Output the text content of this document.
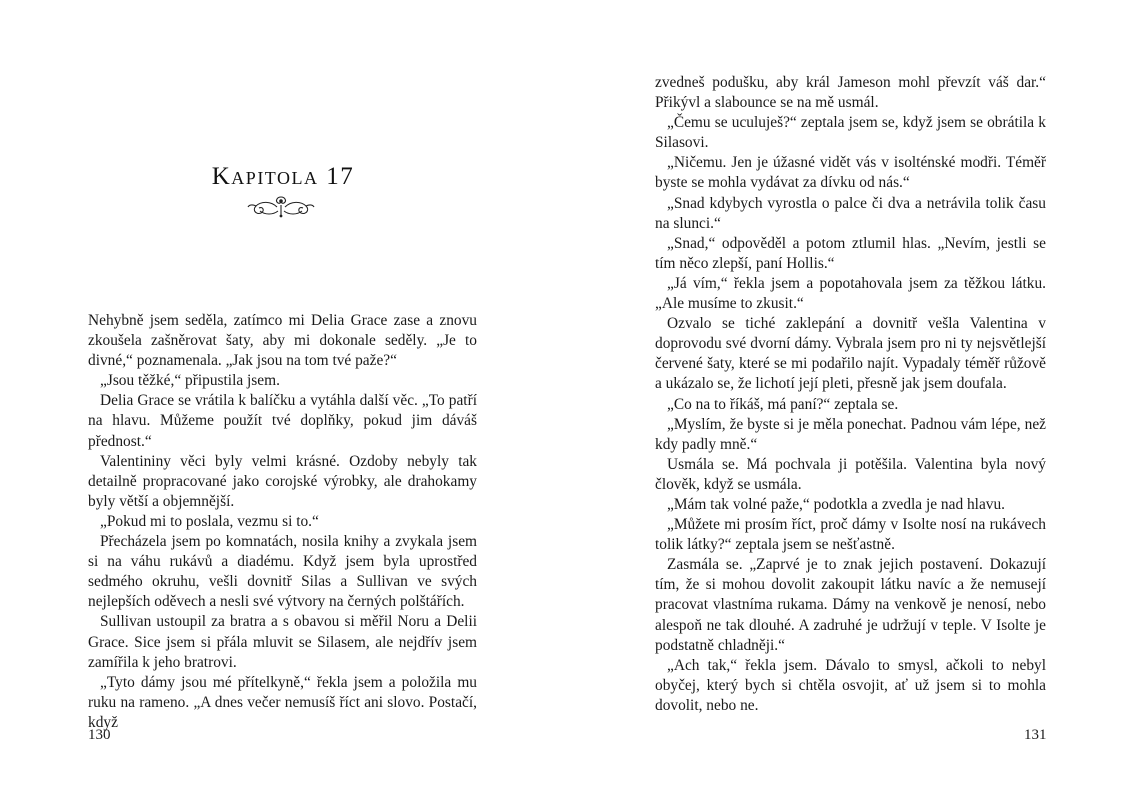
Kapitola 17

Nehybně jsem seděla, zatímco mi Delia Grace zase a znovu zkoušela zašněrovat šaty, aby mi dokonale seděly. „Je to divné,“ poznamenala. „Jak jsou na tom tvé paže?“

„Jsou těžké,“ připustila jsem.

Delia Grace se vrátila k balíčku a vytáhla další věc. „To patří na hlavu. Můžeme použít tvé doplňky, pokud jim dáváš přednost.“

Valentininy věci byly velmi krásné. Ozdoby nebyly tak detailně propracované jako corojské výrobky, ale drahokamy byly větší a objemnější.

„Pokud mi to poslala, vezmu si to.“

Přecházela jsem po komnatách, nosila knihy a zvykala jsem si na váhu rukávů a diadému. Když jsem byla uprostřed sedmého okruhu, vešli dovnitř Silas a Sullivan ve svých nejlepších oděvech a nesli své výtvory na černých polštářích.

Sullivan ustoupil za bratra a s obavou si měřil Noru a Delii Grace. Sice jsem si přála mluvit se Silasem, ale nejdřív jsem zamířila k jeho bratrovi.

„Tyto dámy jsou mé přítelkyně,“ řekla jsem a položila mu ruku na rameno. „A dnes večer nemusíš říct ani slovo. Postačí, když

130	131

zvedneš podušku, aby král Jameson mohl převzít váš dar.“ Přikývl a slabounce se na mě usmál.

„Čemu se uculuješ?“ zeptala jsem se, když jsem se obrátila k Silasovi.

„Ničemu. Jen je úžasné vidět vás v isolténské modři. Téměř byste se mohla vydávat za dívku od nás.“

„Snad kdybych vyrostla o palce či dva a netrávila tolik času na slunci.“

„Snad,“ odpověděl a potom ztlumil hlas. „Nevím, jestli se tím něco zlepší, paní Hollis.“

„Já vím,“ řekla jsem a popotahovala jsem za těžkou látku. „Ale musíme to zkusit.“

Ozvalo se tiché zaklepání a dovnitř vešla Valentina v doprovodu své dvorní dámy. Vybrala jsem pro ni ty nejsvětlejší červené šaty, které se mi podařilo najít. Vypadaly téměř růžově a ukázalo se, že lichotí její pleti, přesně jak jsem doufala.

„Co na to říkáš, má paní?“ zeptala se.

„Myslím, že byste si je měla ponechat. Padnou vám lépe, než kdy padly mně.“

Usmála se. Má pochvala ji potěšila. Valentina byla nový člověk, když se usmála.

„Mám tak volné paže,“ podotkla a zvedla je nad hlavu.

„Můžete mi prosím říct, proč dámy v Isolte nosí na rukávech tolik látky?“ zeptala jsem se nešťastně.

Zasmála se. „Zaprvé je to znak jejich postavení. Dokazují tím, že si mohou dovolit zakoupit látku navíc a že nemusejí pracovat vlastníma rukama. Dámy na venkově je nenosí, nebo alespoň ne tak dlouhé. A zadruhé je udržují v teple. V Isolte je podstatně chladněji.“

„Ach tak,“ řekla jsem. Dávalo to smysl, ačkoli to nebyl obyčej, který bych si chtěla osvojit, ať už jsem si to mohla dovolit, nebo ne.
